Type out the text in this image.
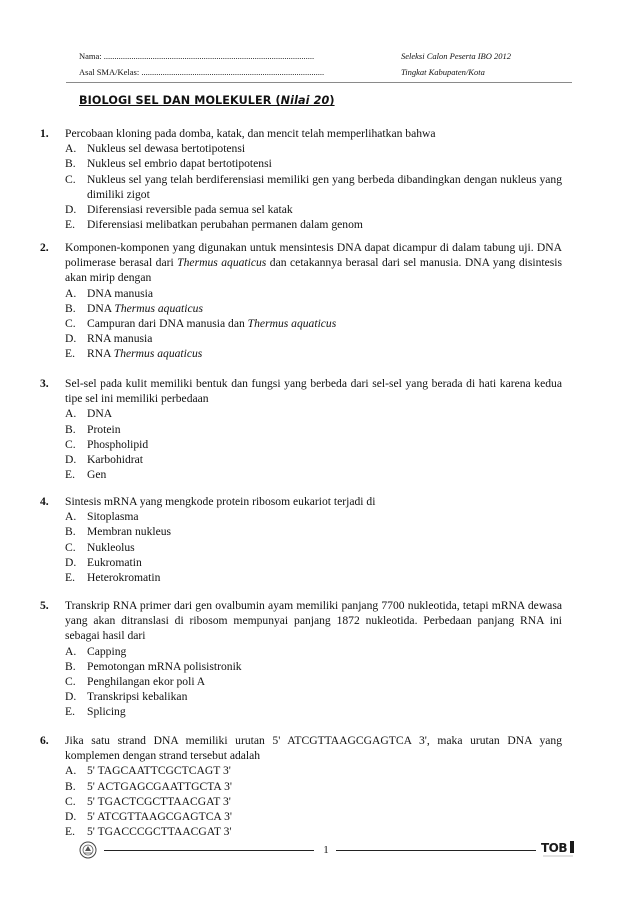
Nama: ...................................................................................................	Seleksi Calon Peserta IBO 2012
Asal SMA/Kelas: ......................................................................................	Tingkat Kabupaten/Kota
BIOLOGI SEL DAN MOLEKULER (Nilai 20)
1. Percobaan kloning pada domba, katak, dan mencit telah memperlihatkan bahwa
A. Nukleus sel dewasa bertotipotensi
B. Nukleus sel embrio dapat bertotipotensi
C. Nukleus sel yang telah berdiferensiasi memiliki gen yang berbeda dibandingkan dengan nukleus yang dimiliki zigot
D. Diferensiasi reversible pada semua sel katak
E.	Diferensiasi melibatkan perubahan permanen dalam genom
2. Komponen-komponen yang digunakan untuk mensintesis DNA dapat dicampur di dalam tabung uji. DNA polimerase berasal dari Thermus aquaticus dan cetakannya berasal dari sel manusia. DNA yang disintesis akan mirip dengan
A. DNA manusia
B. DNA Thermus aquaticus
C. Campuran dari DNA manusia dan Thermus aquaticus
D. RNA manusia
E.	RNA Thermus aquaticus
3. Sel-sel pada kulit memiliki bentuk dan fungsi yang berbeda dari sel-sel yang berada di hati karena kedua tipe sel ini memiliki perbedaan
A. DNA
B. Protein
C. Phospholipid
D. Karbohidrat
E.	Gen
4. Sintesis mRNA yang mengkode protein ribosom eukariot terjadi di
A. Sitoplasma
B. Membran nukleus
C. Nukleolus
D. Eukromatin
E.	Heterokromatin
5. Transkrip RNA primer dari gen ovalbumin ayam memiliki panjang 7700 nukleotida, tetapi mRNA dewasa yang akan ditranslasi di ribosom mempunyai panjang 1872 nukleotida. Perbedaan panjang RNA ini sebagai hasil dari
A. Capping
B. Pemotongan mRNA polisistronik
C. Penghilangan ekor poli A
D. Transkripsi kebalikan
E.	Splicing
6. Jika satu strand DNA memiliki urutan 5' ATCGTTAAGCGAGTCA 3', maka urutan DNA yang komplemen dengan strand tersebut adalah
A. 5' TAGCAATTCGCTCAGT 3'
B. 5' ACTGAGCGAATTGCTA 3'
C. 5' TGACTCGCTTAACGAT 3'
D. 5' ATCGTTAAGCGAGTCA 3'
E.	5' TGACCCGCTTAACGAT 3'
1	TOB
